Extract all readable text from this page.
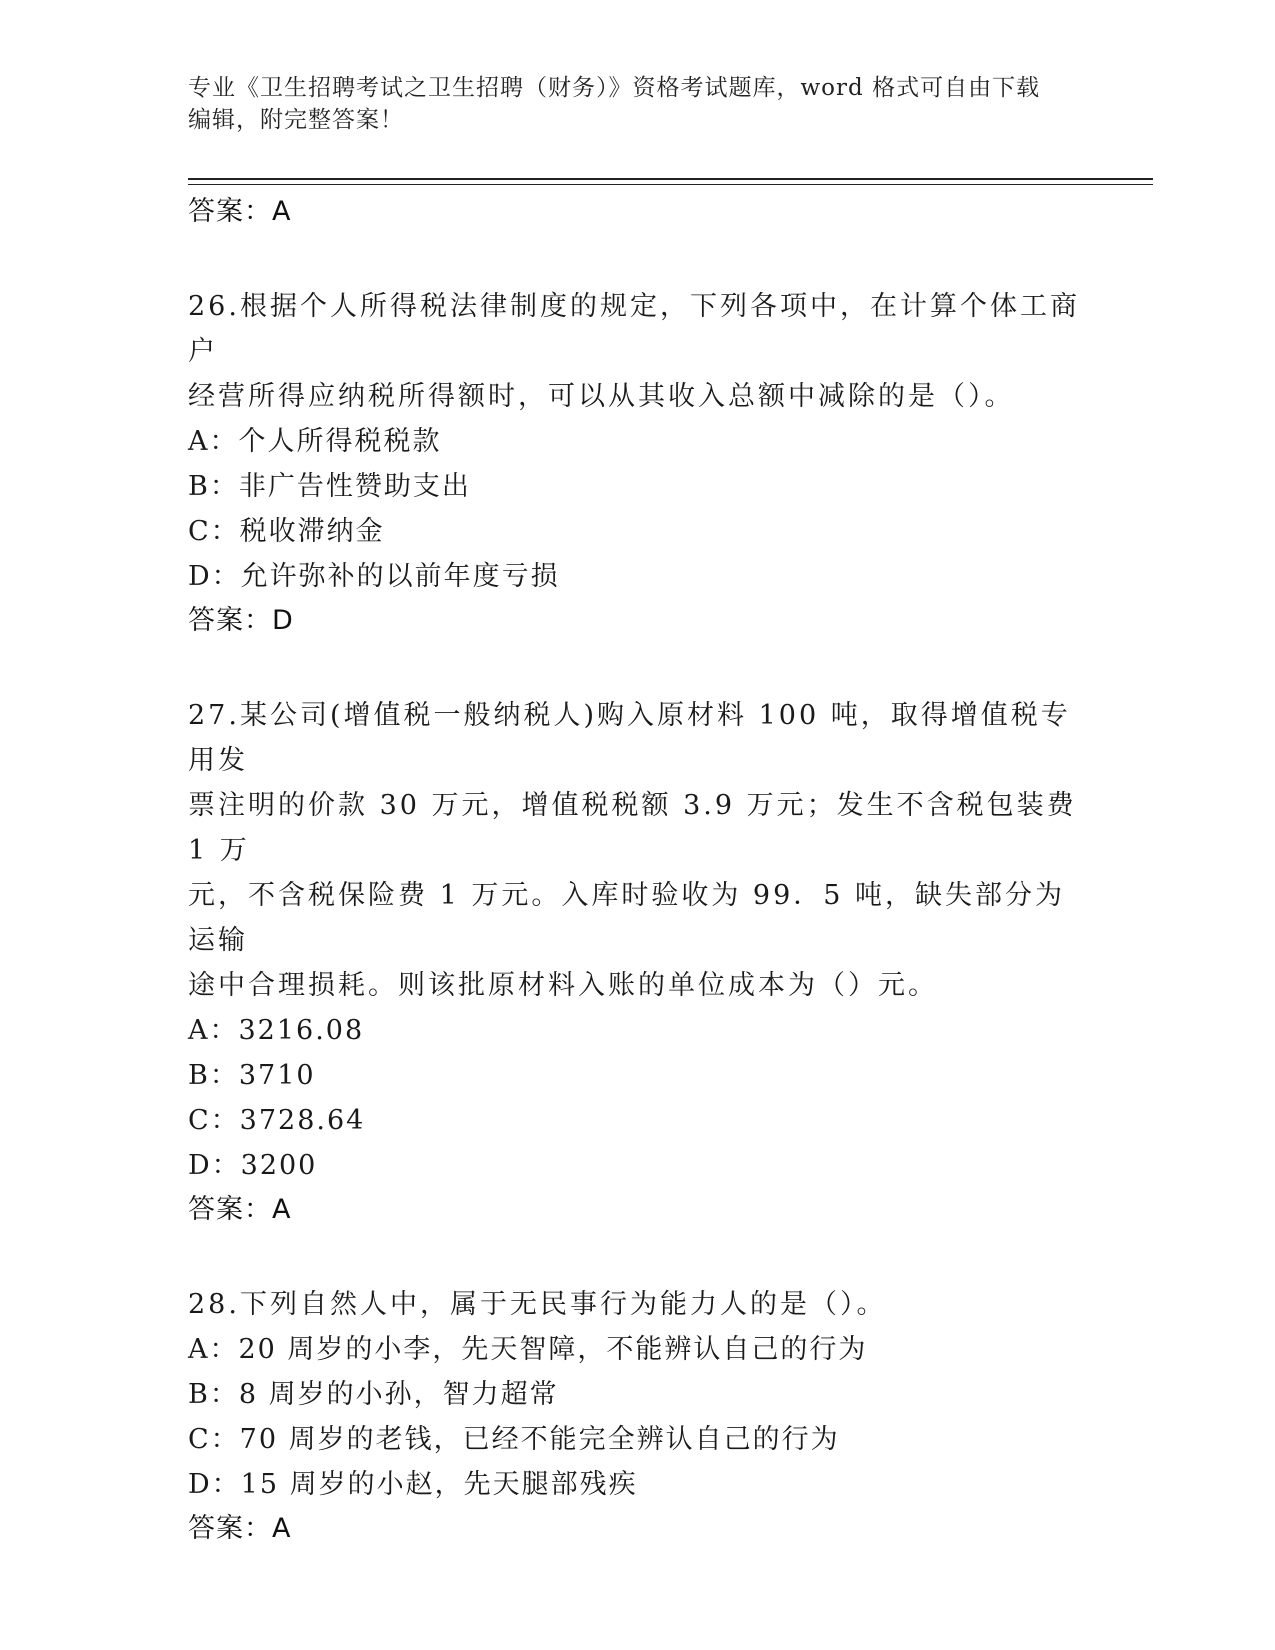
专业《卫生招聘考试之卫生招聘（财务）》资格考试题库，word 格式可自由下载
编辑，附完整答案！

答案：A

26.根据个人所得税法律制度的规定，下列各项中，在计算个体工商户

经营所得应纳税所得额时，可以从其收入总额中减除的是（）。

A：个人所得税税款

B：非广告性赞助支出

C：税收滞纳金

D：允许弥补的以前年度亏损

答案：D

27.某公司(增值税一般纳税人)购入原材料 100 吨，取得增值税专用发

票注明的价款 30 万元，增值税税额 3.9 万元；发生不含税包装费 1 万

元，不含税保险费 1 万元。入库时验收为 99．5 吨，缺失部分为运输

途中合理损耗。则该批原材料入账的单位成本为（）元。

A：3216.08

B：3710

C：3728.64

D：3200

答案：A

28.下列自然人中，属于无民事行为能力人的是（）。

A：20 周岁的小李，先天智障，不能辨认自己的行为

B：8 周岁的小孙，智力超常

C：70 周岁的老钱，已经不能完全辨认自己的行为

D：15 周岁的小赵，先天腿部残疾

答案：A
